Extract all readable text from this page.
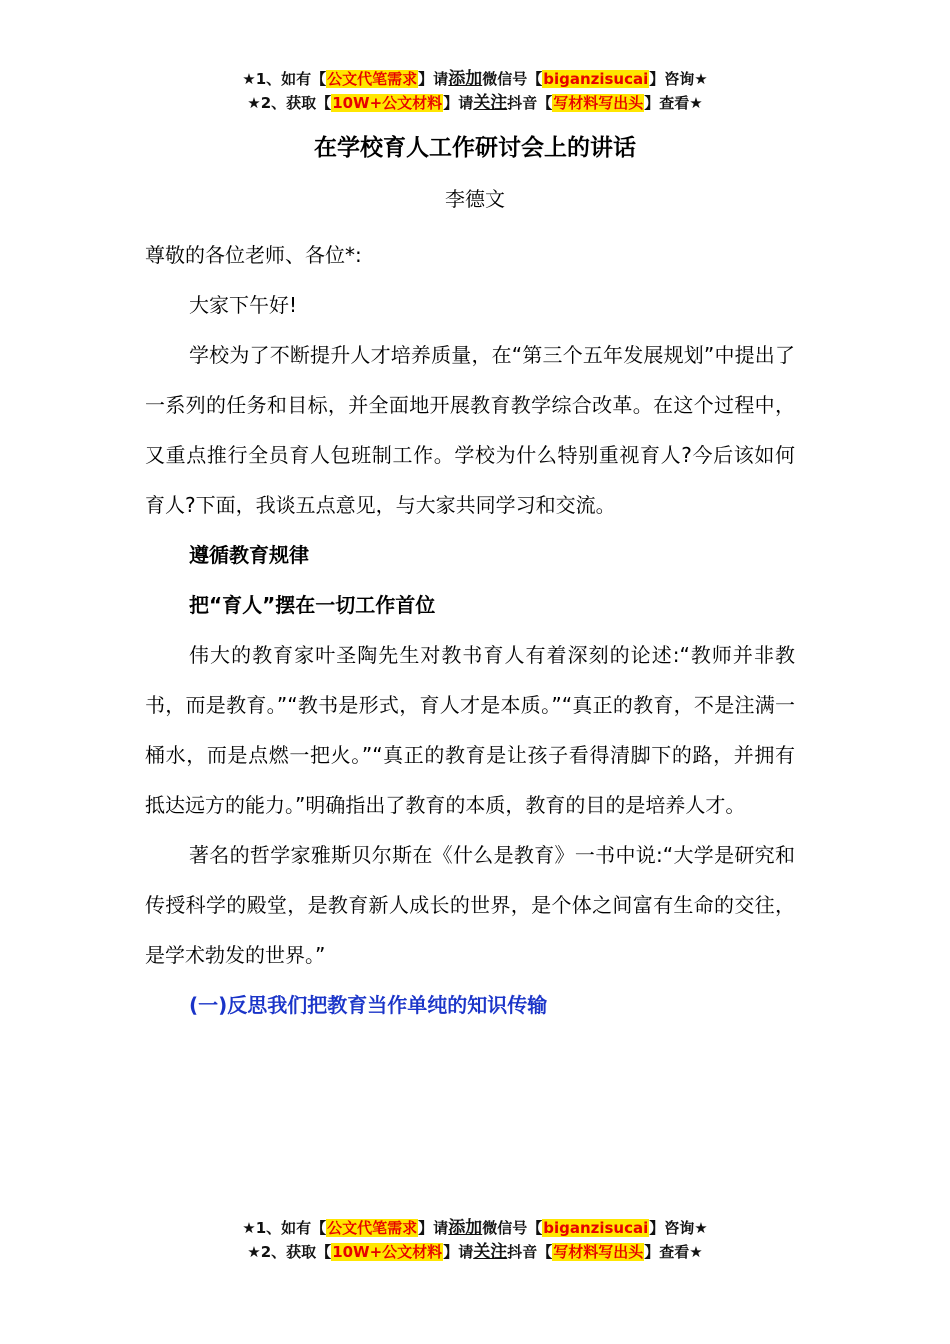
★1、如有【公文代笔需求】请添加微信号【biganzisucai】咨询★
★2、获取【10W+公文材料】请关注抖音【写材料写出头】查看★
在学校育人工作研讨会上的讲话
李德文

尊敬的各位老师、各位*:

大家下午好!

学校为了不断提升人才培养质量，在“第三个五年发展规划”中提出了一系列的任务和目标，并全面地开展教育教学综合改革。在这个过程中，又重点推行全员育人包班制工作。学校为什么特别重视育人?今后该如何育人?下面，我谈五点意见，与大家共同学习和交流。

遵循教育规律

把“育人”摆在一切工作首位

伟大的教育家叶圣陶先生对教书育人有着深刻的论述:“教师并非教书，而是教育。”“教书是形式，育人才是本质。”“真正的教育，不是注满一桶水，而是点燃一把火。”“真正的教育是让孩子看得清脚下的路，并拥有抵达远方的能力。”明确指出了教育的本质，教育的目的是培养人才。

著名的哲学家雅斯贝尔斯在《什么是教育》一书中说:“大学是研究和传授科学的殿堂，是教育新人成长的世界，是个体之间富有生命的交往，是学术勃发的世界。”

(一)反思我们把教育当作单纯的知识传输

★1、如有【公文代笔需求】请添加微信号【biganzisucai】咨询★
★2、获取【10W+公文材料】请关注抖音【写材料写出头】查看★
